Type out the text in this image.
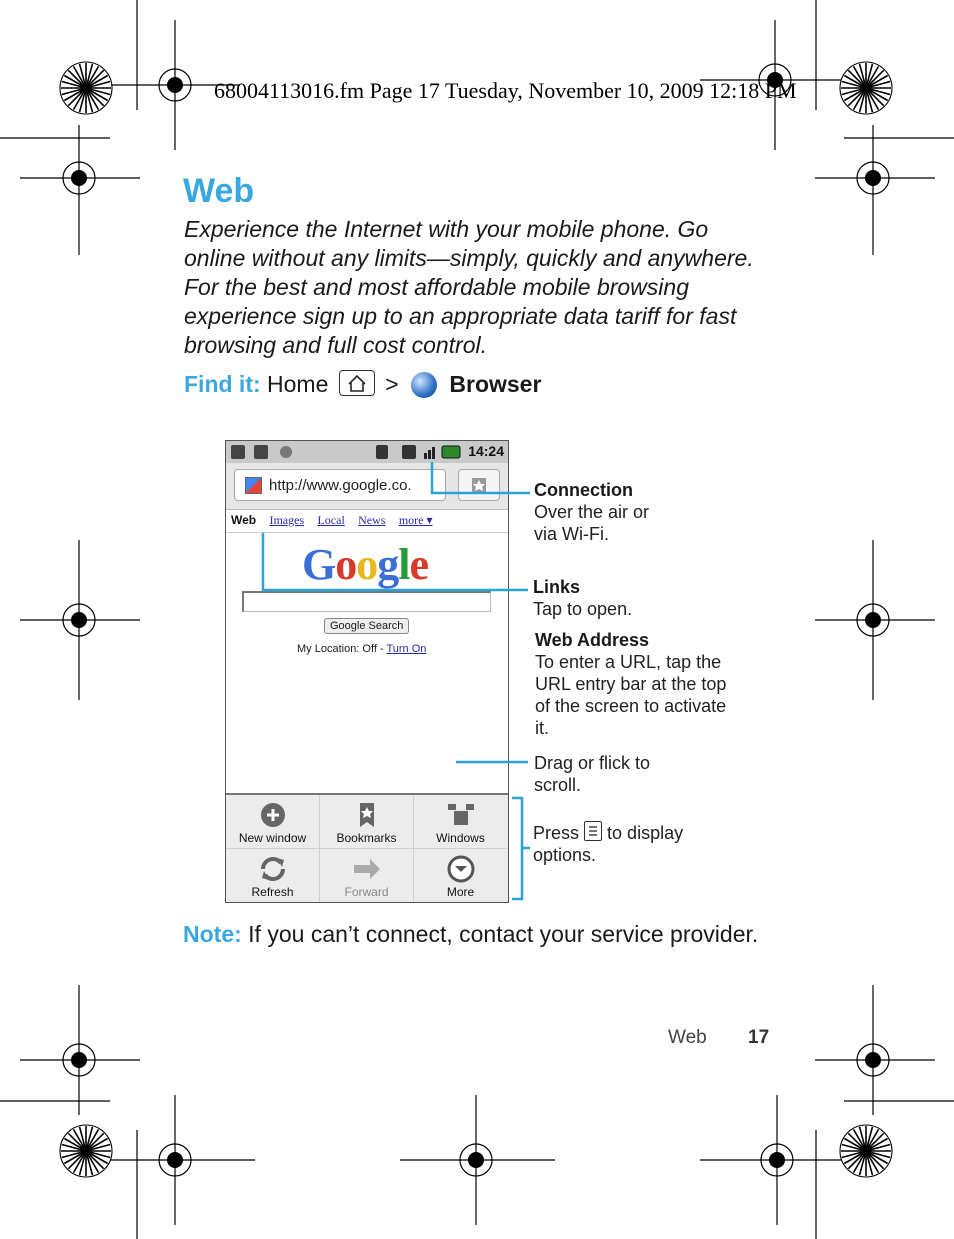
68004113016.fm Page 17 Tuesday, November 10, 2009 12:18 PM
Web
Experience the Internet with your mobile phone. Go online without any limits—simply, quickly and anywhere. For the best and most affordable mobile browsing experience sign up to an appropriate data tariff for fast browsing and full cost control.
Find it: Home > Browser
14:24
http://www.google.co.
Web Images Local News more ▾
Google
Google Search
My Location: Off - Turn On
New window	Bookmarks	Windows
Refresh	Forward	More
Connection
Over the air or via Wi-Fi.
Links
Tap to open.
Web Address
To enter a URL, tap the URL entry bar at the top of the screen to activate it.
Drag or flick to scroll.
Press to display options.
Note: If you can’t connect, contact your service provider.
Web 17
